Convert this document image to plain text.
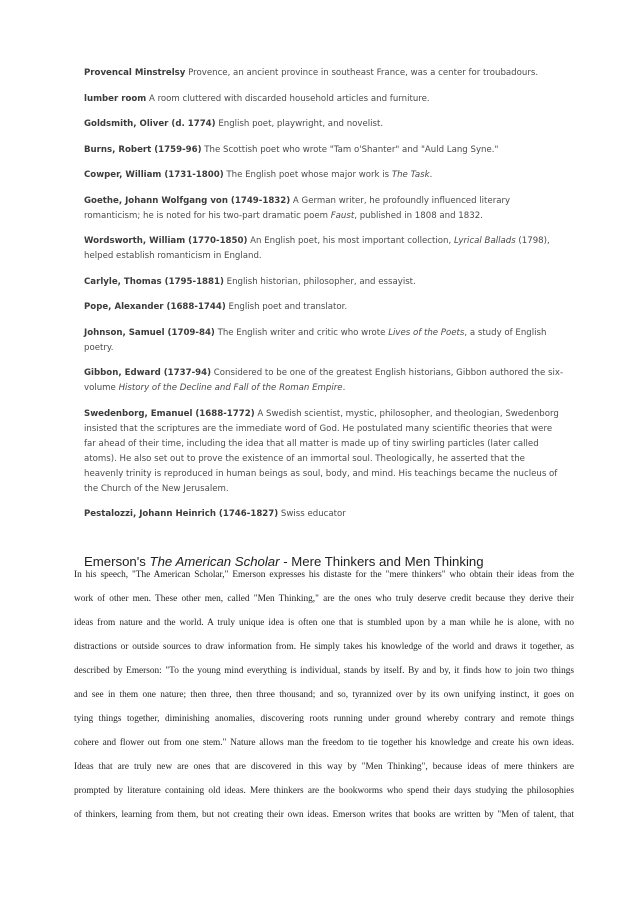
Provencal Minstrelsy Provence, an ancient province in southeast France, was a center for troubadours.

lumber room A room cluttered with discarded household articles and furniture.

Goldsmith, Oliver (d. 1774) English poet, playwright, and novelist.

Burns, Robert (1759-96) The Scottish poet who wrote "Tam o'Shanter" and "Auld Lang Syne."

Cowper, William (1731-1800) The English poet whose major work is The Task.

Goethe, Johann Wolfgang von (1749-1832) A German writer, he profoundly influenced literary romanticism; he is noted for his two-part dramatic poem Faust, published in 1808 and 1832.

Wordsworth, William (1770-1850) An English poet, his most important collection, Lyrical Ballads (1798), helped establish romanticism in England.

Carlyle, Thomas (1795-1881) English historian, philosopher, and essayist.

Pope, Alexander (1688-1744) English poet and translator.

Johnson, Samuel (1709-84) The English writer and critic who wrote Lives of the Poets, a study of English poetry.

Gibbon, Edward (1737-94) Considered to be one of the greatest English historians, Gibbon authored the six-volume History of the Decline and Fall of the Roman Empire.

Swedenborg, Emanuel (1688-1772) A Swedish scientist, mystic, philosopher, and theologian, Swedenborg insisted that the scriptures are the immediate word of God. He postulated many scientific theories that were far ahead of their time, including the idea that all matter is made up of tiny swirling particles (later called atoms). He also set out to prove the existence of an immortal soul. Theologically, he asserted that the heavenly trinity is reproduced in human beings as soul, body, and mind. His teachings became the nucleus of the Church of the New Jerusalem.

Pestalozzi, Johann Heinrich (1746-1827) Swiss educator

Emerson's The American Scholar - Mere Thinkers and Men Thinking
In his speech, "The American Scholar," Emerson expresses his distaste for the "mere thinkers" who obtain their ideas from the
work of other men. These other men, called "Men Thinking," are the ones who truly deserve credit because they derive their
ideas from nature and the world. A truly unique idea is often one that is stumbled upon by a man while he is alone, with no
distractions or outside sources to draw information from. He simply takes his knowledge of the world and draws it together, as
described by Emerson: "To the young mind everything is individual, stands by itself. By and by, it finds how to join two things
and see in them one nature; then three, then three thousand; and so, tyrannized over by its own unifying instinct, it goes on
tying things together, diminishing anomalies, discovering roots running under ground whereby contrary and remote things
cohere and flower out from one stem." Nature allows man the freedom to tie together his knowledge and create his own ideas.
Ideas that are truly new are ones that are discovered in this way by "Men Thinking", because ideas of mere thinkers are
prompted by literature containing old ideas. Mere thinkers are the bookworms who spend their days studying the philosophies
of thinkers, learning from them, but not creating their own ideas. Emerson writes that books are written by "Men of talent, that
